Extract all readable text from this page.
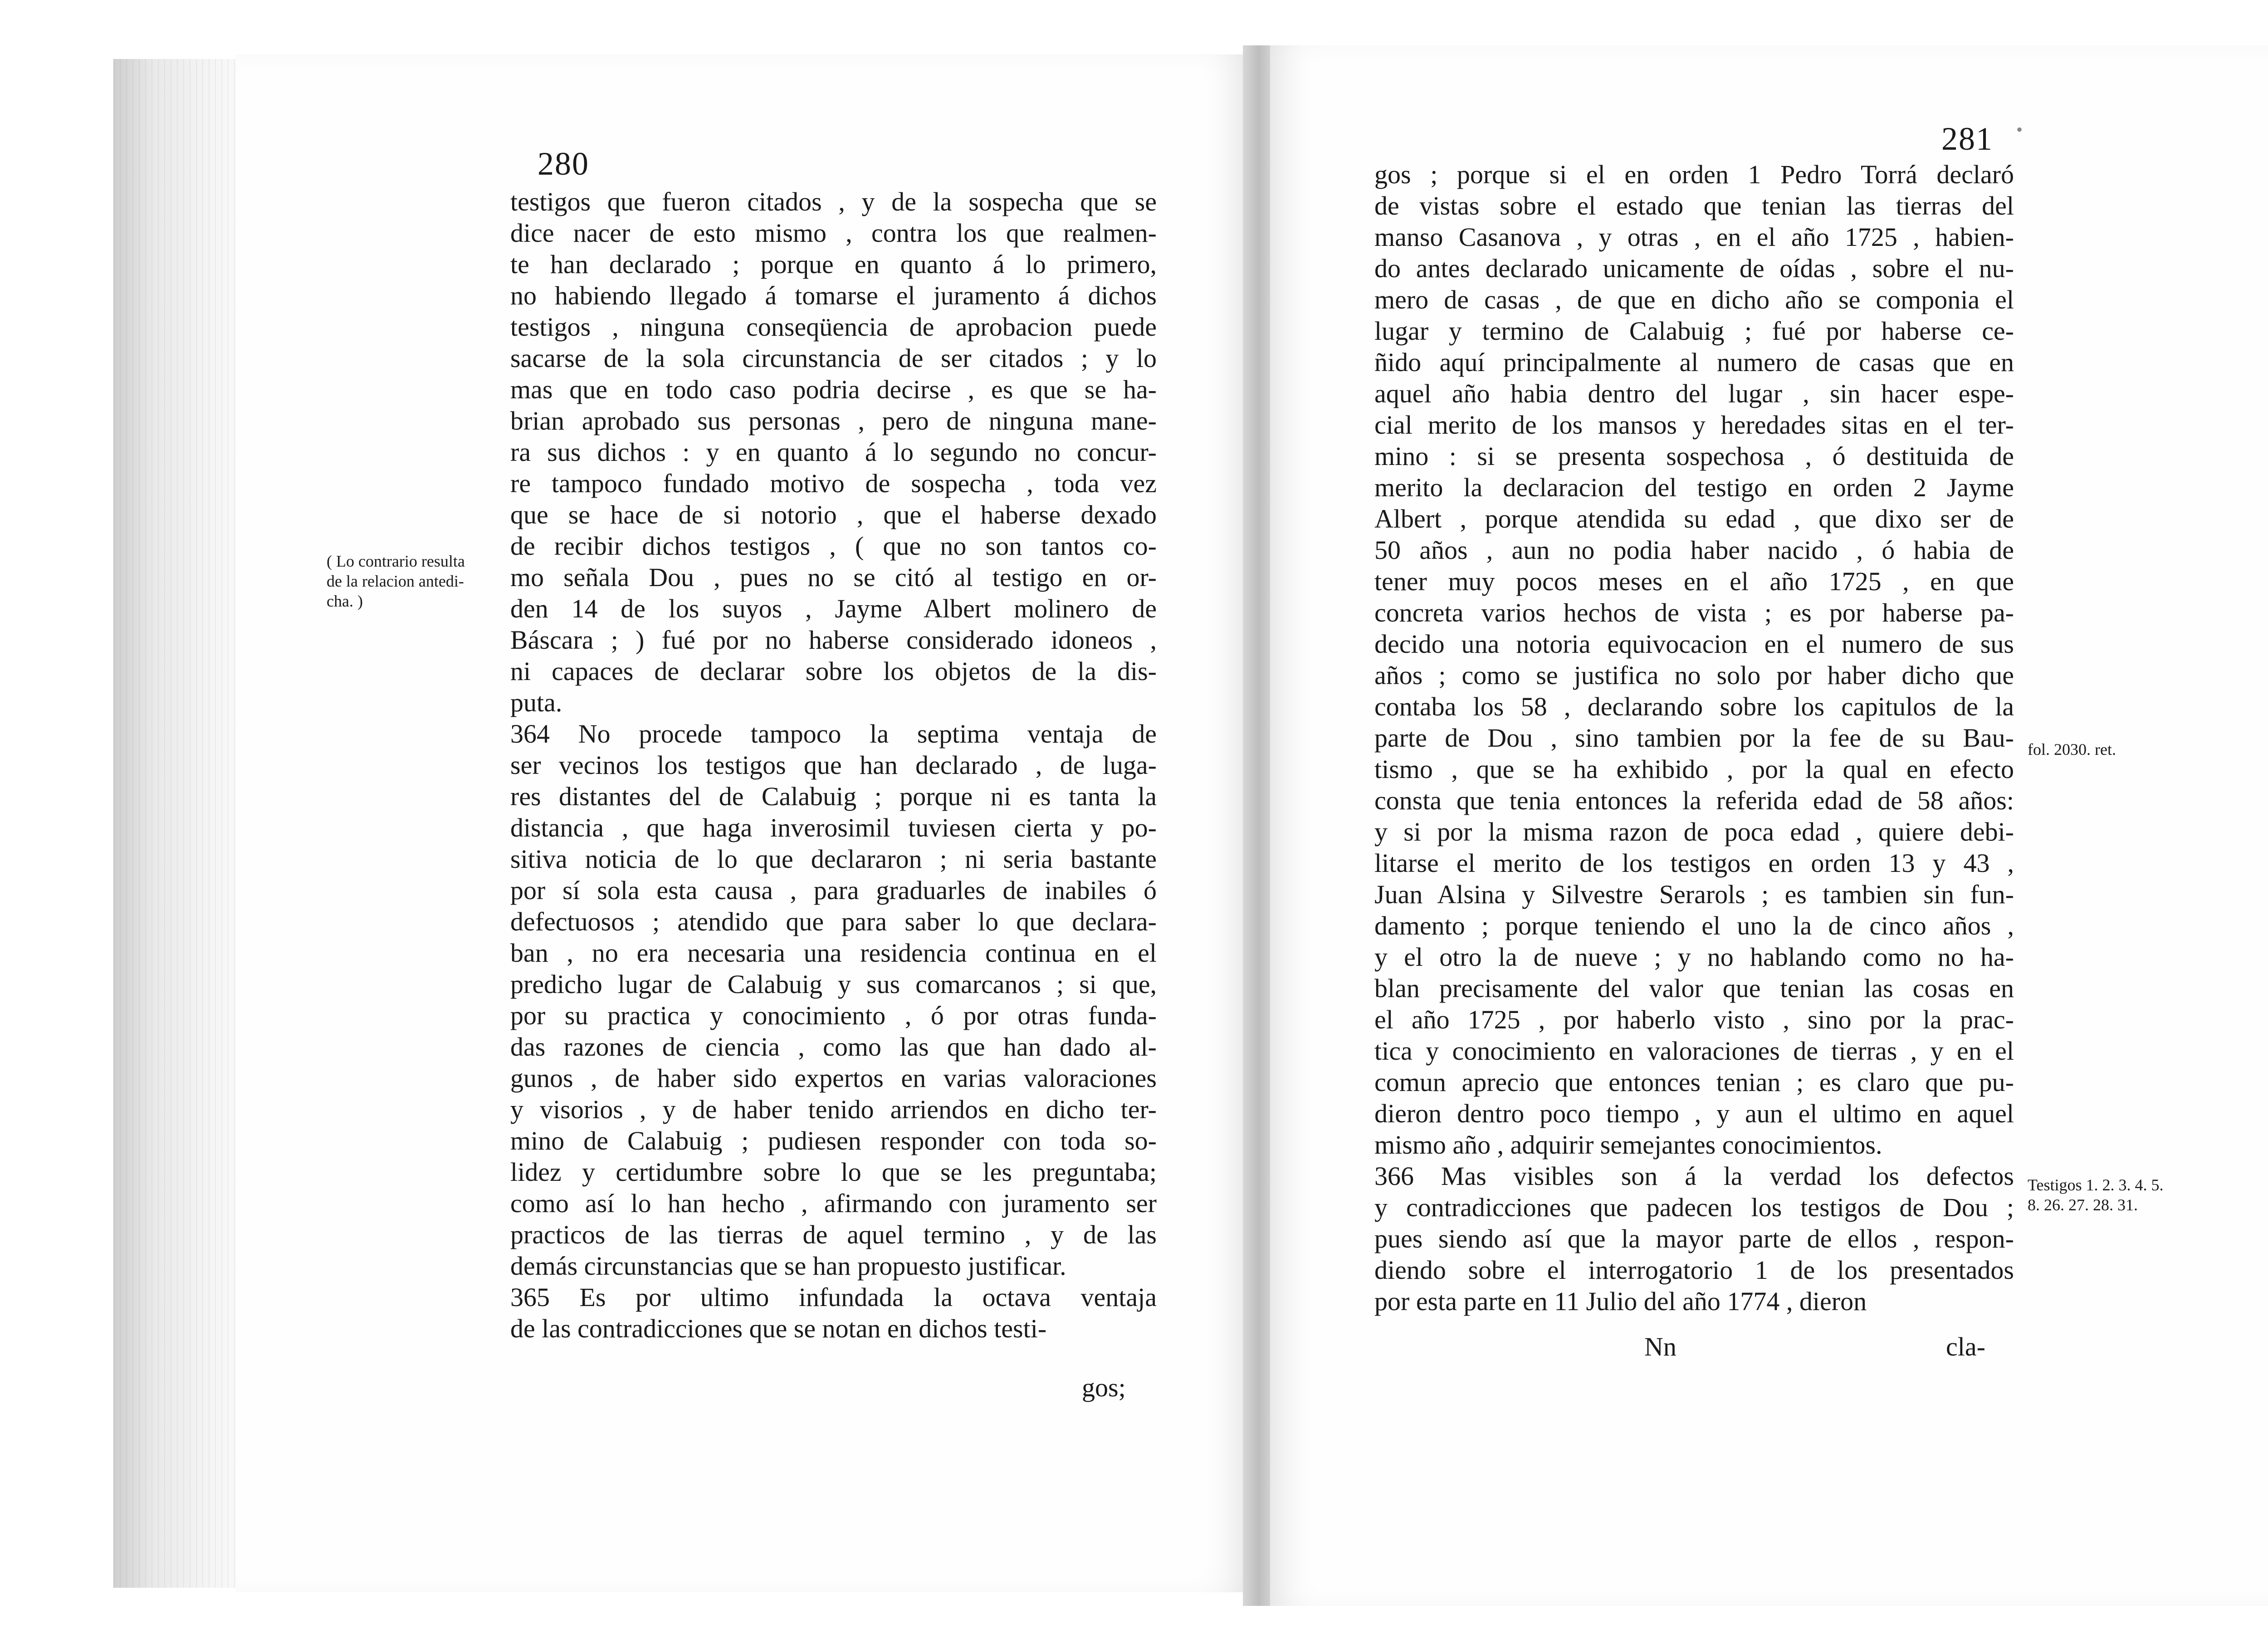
280
testigos que fueron citados , y de la sospecha que se
dice nacer de esto mismo , contra los que realmen-
te han declarado ; porque en quanto á lo primero,
no habiendo llegado á tomarse el juramento á dichos
testigos , ninguna conseqüencia de aprobacion puede
sacarse de la sola circunstancia de ser citados ; y lo
mas que en todo caso podria decirse , es que se ha-
brian aprobado sus personas , pero de ninguna mane-
ra sus dichos : y en quanto á lo segundo no concur-
re tampoco fundado motivo de sospecha , toda vez
que se hace de si notorio , que el haberse dexado
de recibir dichos testigos , ( que no son tantos co-
mo señala Dou , pues no se citó al testigo en or-
den 14 de los suyos , Jayme Albert molinero de
Báscara ; ) fué por no haberse considerado idoneos ,
ni capaces de declarar sobre los objetos de la dis-
puta.
364 No procede tampoco la septima ventaja de
ser vecinos los testigos que han declarado , de luga-
res distantes del de Calabuig ; porque ni es tanta la
distancia , que haga inverosimil tuviesen cierta y po-
sitiva noticia de lo que declararon ; ni seria bastante
por sí sola esta causa , para graduarles de inabiles ó
defectuosos ; atendido que para saber lo que declara-
ban , no era necesaria una residencia continua en el
predicho lugar de Calabuig y sus comarcanos ; si que,
por su practica y conocimiento , ó por otras funda-
das razones de ciencia , como las que han dado al-
gunos , de haber sido expertos en varias valoraciones
y visorios , y de haber tenido arriendos en dicho ter-
mino de Calabuig ; pudiesen responder con toda so-
lidez y certidumbre sobre lo que se les preguntaba;
como así lo han hecho , afirmando con juramento ser
practicos de las tierras de aquel termino , y de las
demás circunstancias que se han propuesto justificar.
365 Es por ultimo infundada la octava ventaja
de las contradicciones que se notan en dichos testi-
gos;
( Lo contrario resulta
de la relacion antedi-
cha. )
281 •
gos ; porque si el en orden 1 Pedro Torrá declaró
de vistas sobre el estado que tenian las tierras del
manso Casanova , y otras , en el año 1725 , habien-
do antes declarado unicamente de oídas , sobre el nu-
mero de casas , de que en dicho año se componia el
lugar y termino de Calabuig ; fué por haberse ce-
ñido aquí principalmente al numero de casas que en
aquel año habia dentro del lugar , sin hacer espe-
cial merito de los mansos y heredades sitas en el ter-
mino : si se presenta sospechosa , ó destituida de
merito la declaracion del testigo en orden 2 Jayme
Albert , porque atendida su edad , que dixo ser de
50 años , aun no podia haber nacido , ó habia de
tener muy pocos meses en el año 1725 , en que
concreta varios hechos de vista ; es por haberse pa-
decido una notoria equivocacion en el numero de sus
años ; como se justifica no solo por haber dicho que
contaba los 58 , declarando sobre los capitulos de la
parte de Dou , sino tambien por la fee de su Bau-
tismo , que se ha exhibido , por la qual en efecto
consta que tenia entonces la referida edad de 58 años:
y si por la misma razon de poca edad , quiere debi-
litarse el merito de los testigos en orden 13 y 43 ,
Juan Alsina y Silvestre Serarols ; es tambien sin fun-
damento ; porque teniendo el uno la de cinco años ,
y el otro la de nueve ; y no hablando como no ha-
blan precisamente del valor que tenian las cosas en
el año 1725 , por haberlo visto , sino por la prac-
tica y conocimiento en valoraciones de tierras , y en el
comun aprecio que entonces tenian ; es claro que pu-
dieron dentro poco tiempo , y aun el ultimo en aquel
mismo año , adquirir semejantes conocimientos.
366 Mas visibles son á la verdad los defectos
y contradicciones que padecen los testigos de Dou ;
pues siendo así que la mayor parte de ellos , respon-
diendo sobre el interrogatorio 1 de los presentados
por esta parte en 11 Julio del año 1774 , dieron
Nn	cla-
fol. 2030. ret.
Testigos 1. 2. 3. 4. 5.
8. 26. 27. 28. 31.
